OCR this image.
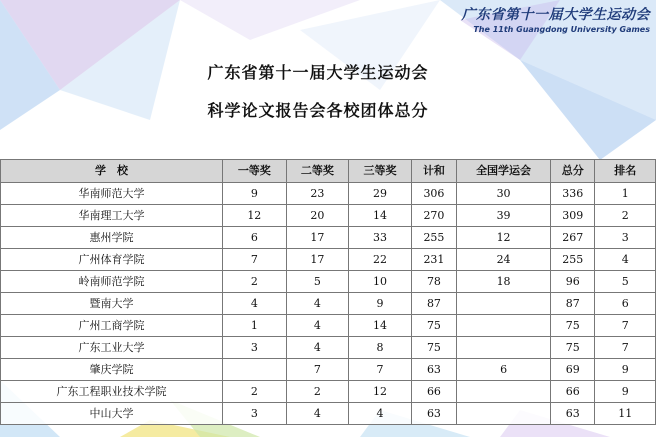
广东省第十一届大学生运动会
The 11th Guangdong University Games
广东省第十一届大学生运动会
科学论文报告会各校团体总分
学　校	一等奖	二等奖	三等奖	计和	全国学运会	总分	排名
华南师范大学	9	23	29	306	30	336	1
华南理工大学	12	20	14	270	39	309	2
惠州学院	6	17	33	255	12	267	3
广州体育学院	7	17	22	231	24	255	4
岭南师范学院	2	5	10	78	18	96	5
暨南大学	4	4	9	87		87	6
广州工商学院	1	4	14	75		75	7
广东工业大学	3	4	8	75		75	7
肇庆学院		7	7	63	6	69	9
广东工程职业技术学院	2	2	12	66		66	9
中山大学	3	4	4	63		63	11
